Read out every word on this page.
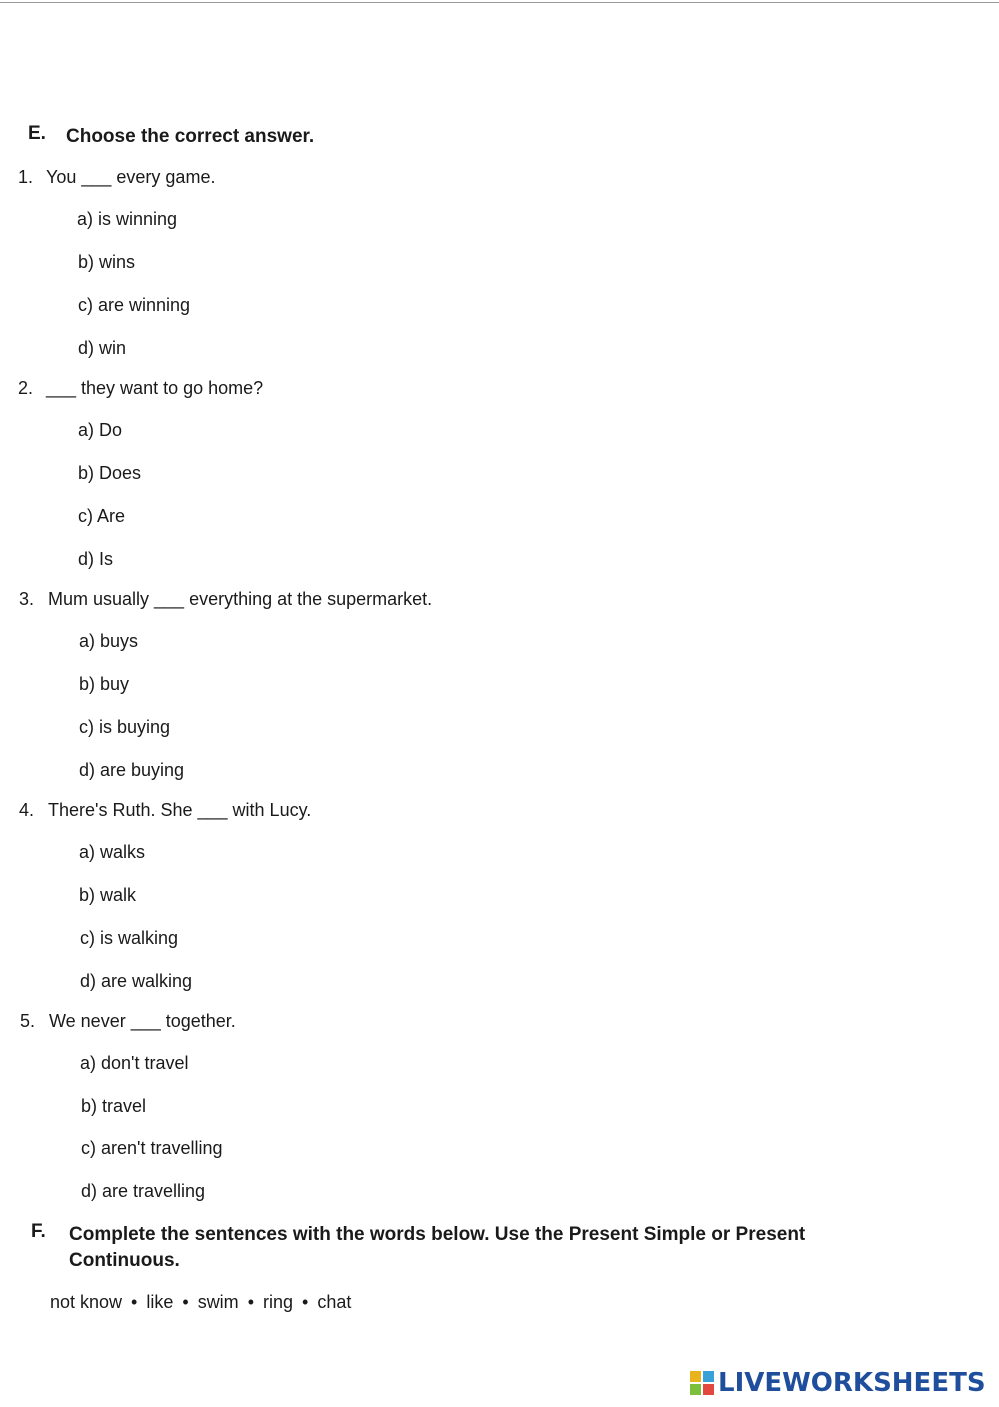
E. Choose the correct answer.
1. You ___ every game.
a) is winning
b) wins
c) are winning
d) win
2. ___ they want to go home?
a) Do
b) Does
c) Are
d) Is
3. Mum usually ___ everything at the supermarket.
a) buys
b) buy
c) is buying
d) are buying
4. There's Ruth. She ___ with Lucy.
a) walks
b) walk
c) is walking
d) are walking
5. We never ___ together.
a) don't travel
b) travel
c) aren't travelling
d) are travelling
F. Complete the sentences with the words below. Use the Present Simple or Present
Continuous.
not know • like • swim • ring • chat
LIVEWORKSHEETS
